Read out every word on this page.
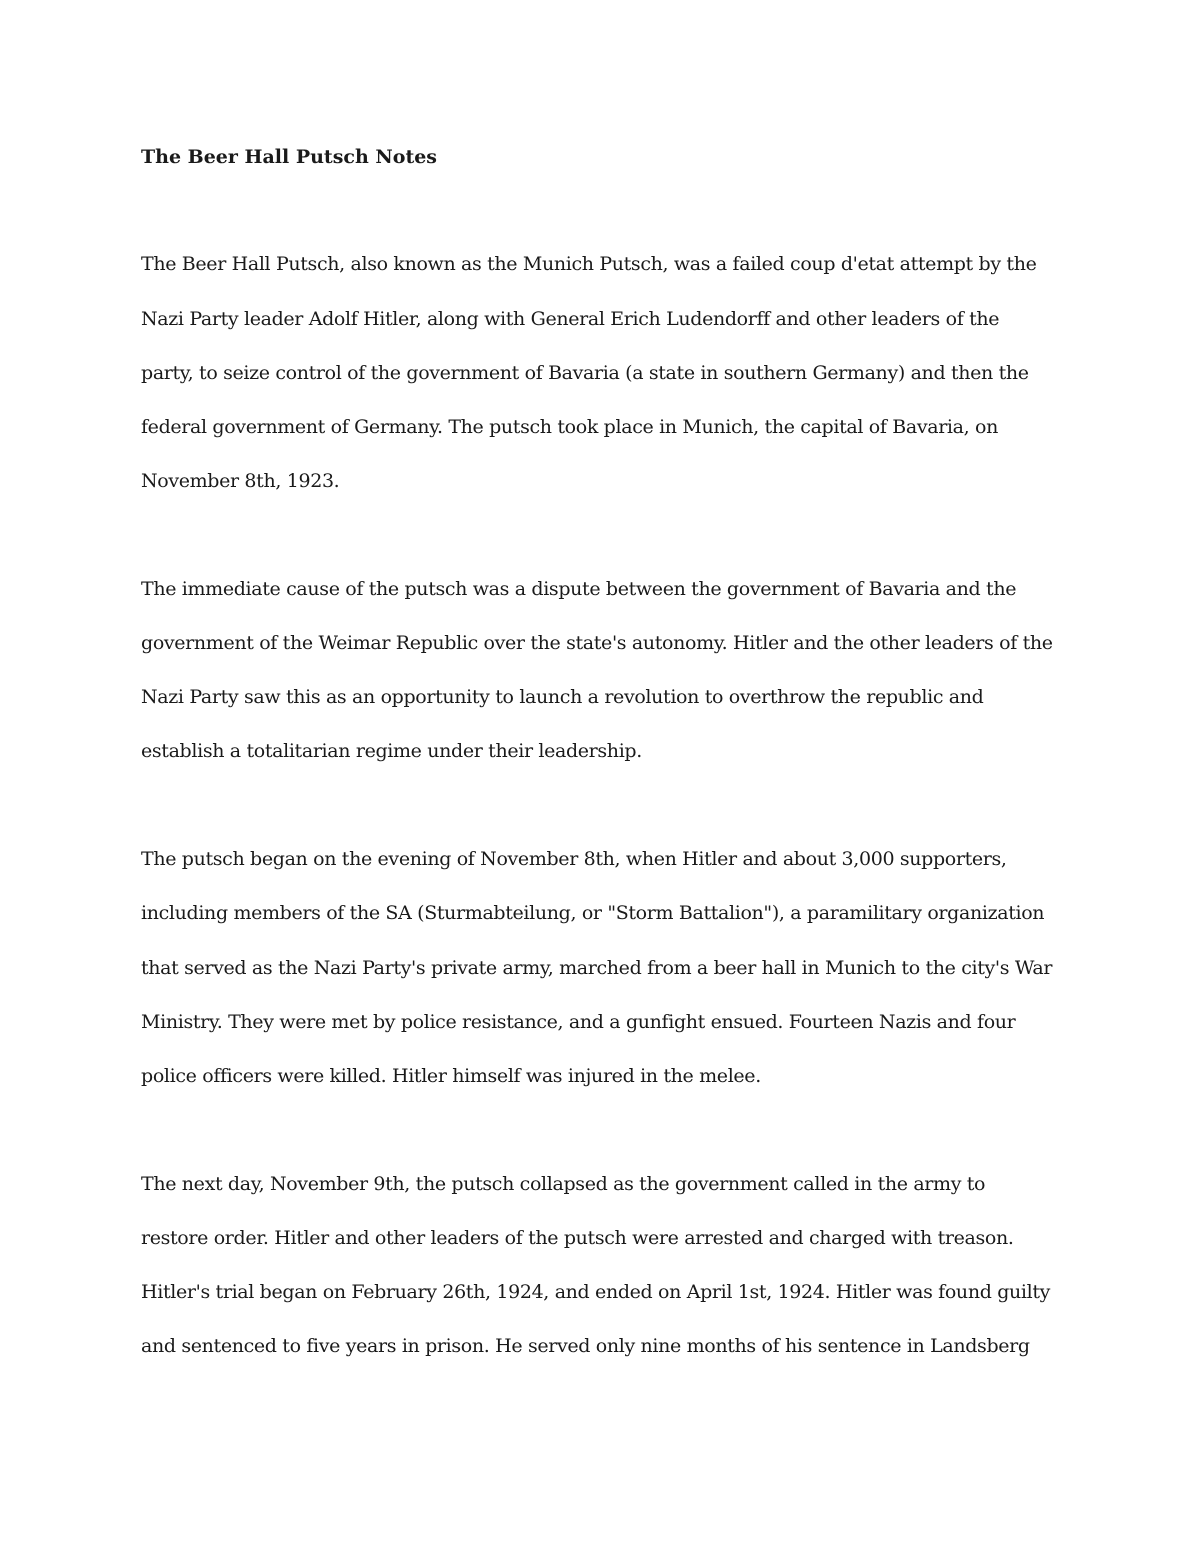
The Beer Hall Putsch Notes
The Beer Hall Putsch, also known as the Munich Putsch, was a failed coup d'etat attempt by the
Nazi Party leader Adolf Hitler, along with General Erich Ludendorff and other leaders of the
party, to seize control of the government of Bavaria (a state in southern Germany) and then the
federal government of Germany. The putsch took place in Munich, the capital of Bavaria, on
November 8th, 1923.
The immediate cause of the putsch was a dispute between the government of Bavaria and the
government of the Weimar Republic over the state's autonomy. Hitler and the other leaders of the
Nazi Party saw this as an opportunity to launch a revolution to overthrow the republic and
establish a totalitarian regime under their leadership.
The putsch began on the evening of November 8th, when Hitler and about 3,000 supporters,
including members of the SA (Sturmabteilung, or "Storm Battalion"), a paramilitary organization
that served as the Nazi Party's private army, marched from a beer hall in Munich to the city's War
Ministry. They were met by police resistance, and a gunfight ensued. Fourteen Nazis and four
police officers were killed. Hitler himself was injured in the melee.
The next day, November 9th, the putsch collapsed as the government called in the army to
restore order. Hitler and other leaders of the putsch were arrested and charged with treason.
Hitler's trial began on February 26th, 1924, and ended on April 1st, 1924. Hitler was found guilty
and sentenced to five years in prison. He served only nine months of his sentence in Landsberg
